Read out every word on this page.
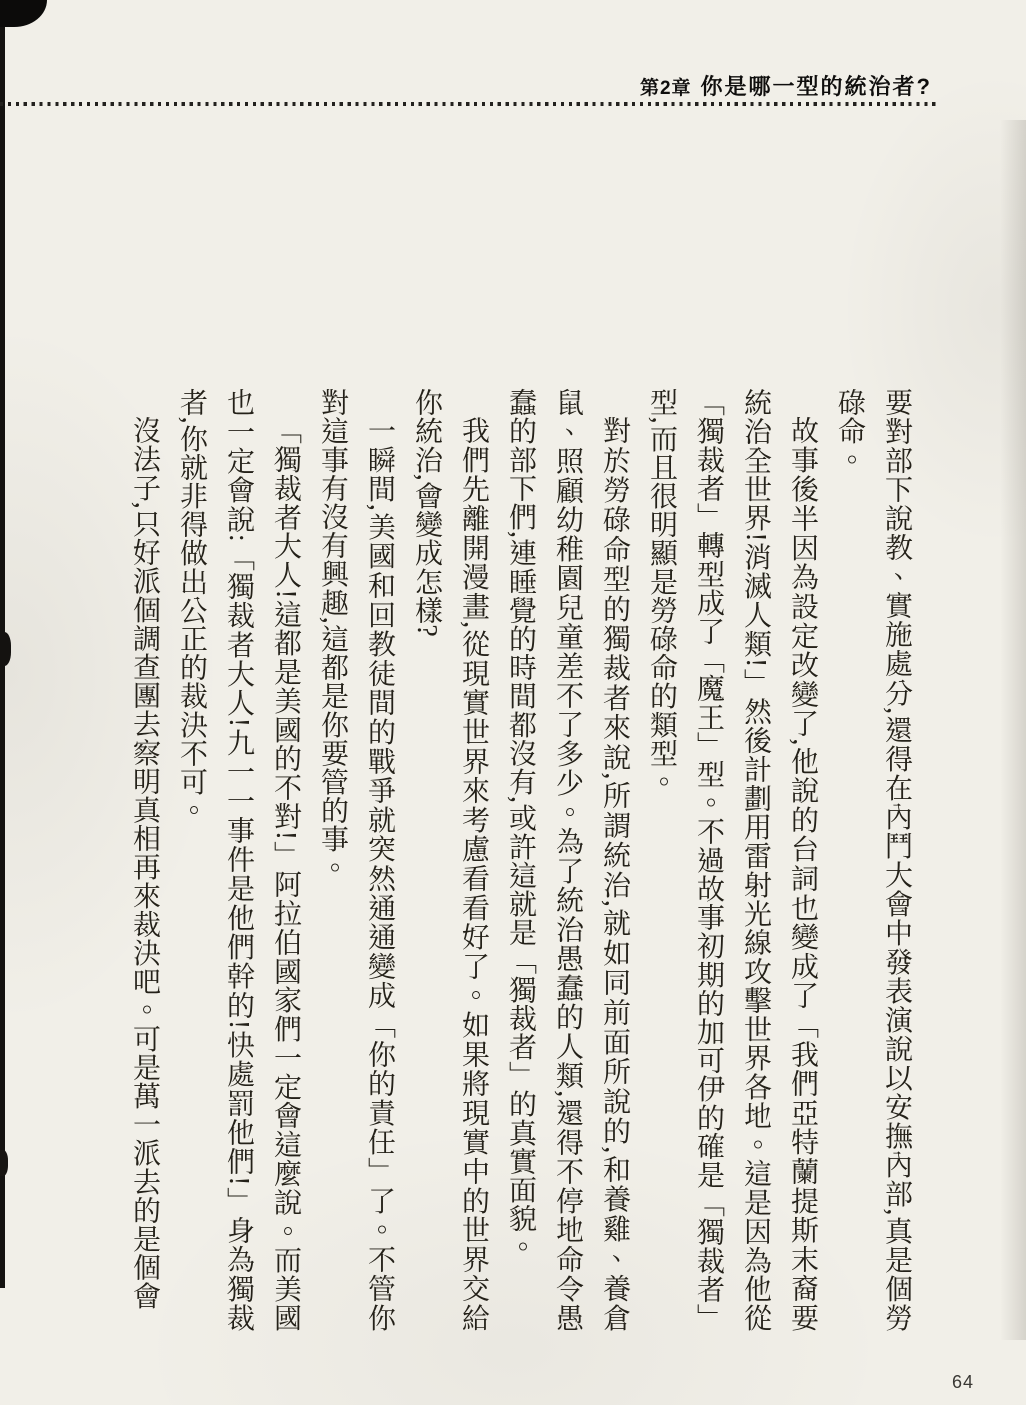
第2章 你是哪一型的統治者?

要對部下說教、實施處分,還得在內鬥大會中發表演說以安撫內部,真是個勞碌命。

故事後半因為設定改變了,他說的台詞也變成了「我們亞特蘭提斯末裔要統治全世界!消滅人類!」然後計劃用雷射光線攻擊世界各地。這是因為他從「獨裁者」轉型成了「魔王」型。不過故事初期的加可伊的確是「獨裁者」型,而且很明顯是勞碌命的類型。

對於勞碌命型的獨裁者來說,所謂統治,就如同前面所說的,和養雞、養倉鼠、照顧幼稚園兒童差不了多少。為了統治愚蠢的人類,還得不停地命令愚蠢的部下們,連睡覺的時間都沒有,或許這就是「獨裁者」的真實面貌。

我們先離開漫畫,從現實世界來考慮看看好了。如果將現實中的世界交給你統治,會變成怎樣?

一瞬間,美國和回教徒間的戰爭就突然通通變成「你的責任」了。不管你對這事有沒有興趣,這都是你要管的事。

「獨裁者大人!這都是美國的不對!」阿拉伯國家們一定會這麼說。而美國也一定會說:「獨裁者大人!九一一事件是他們幹的!快處罰他們!」身為獨裁者,你就非得做出公正的裁決不可。

沒法子,只好派個調查團去察明真相再來裁決吧。可是萬一派去的是個會

64
